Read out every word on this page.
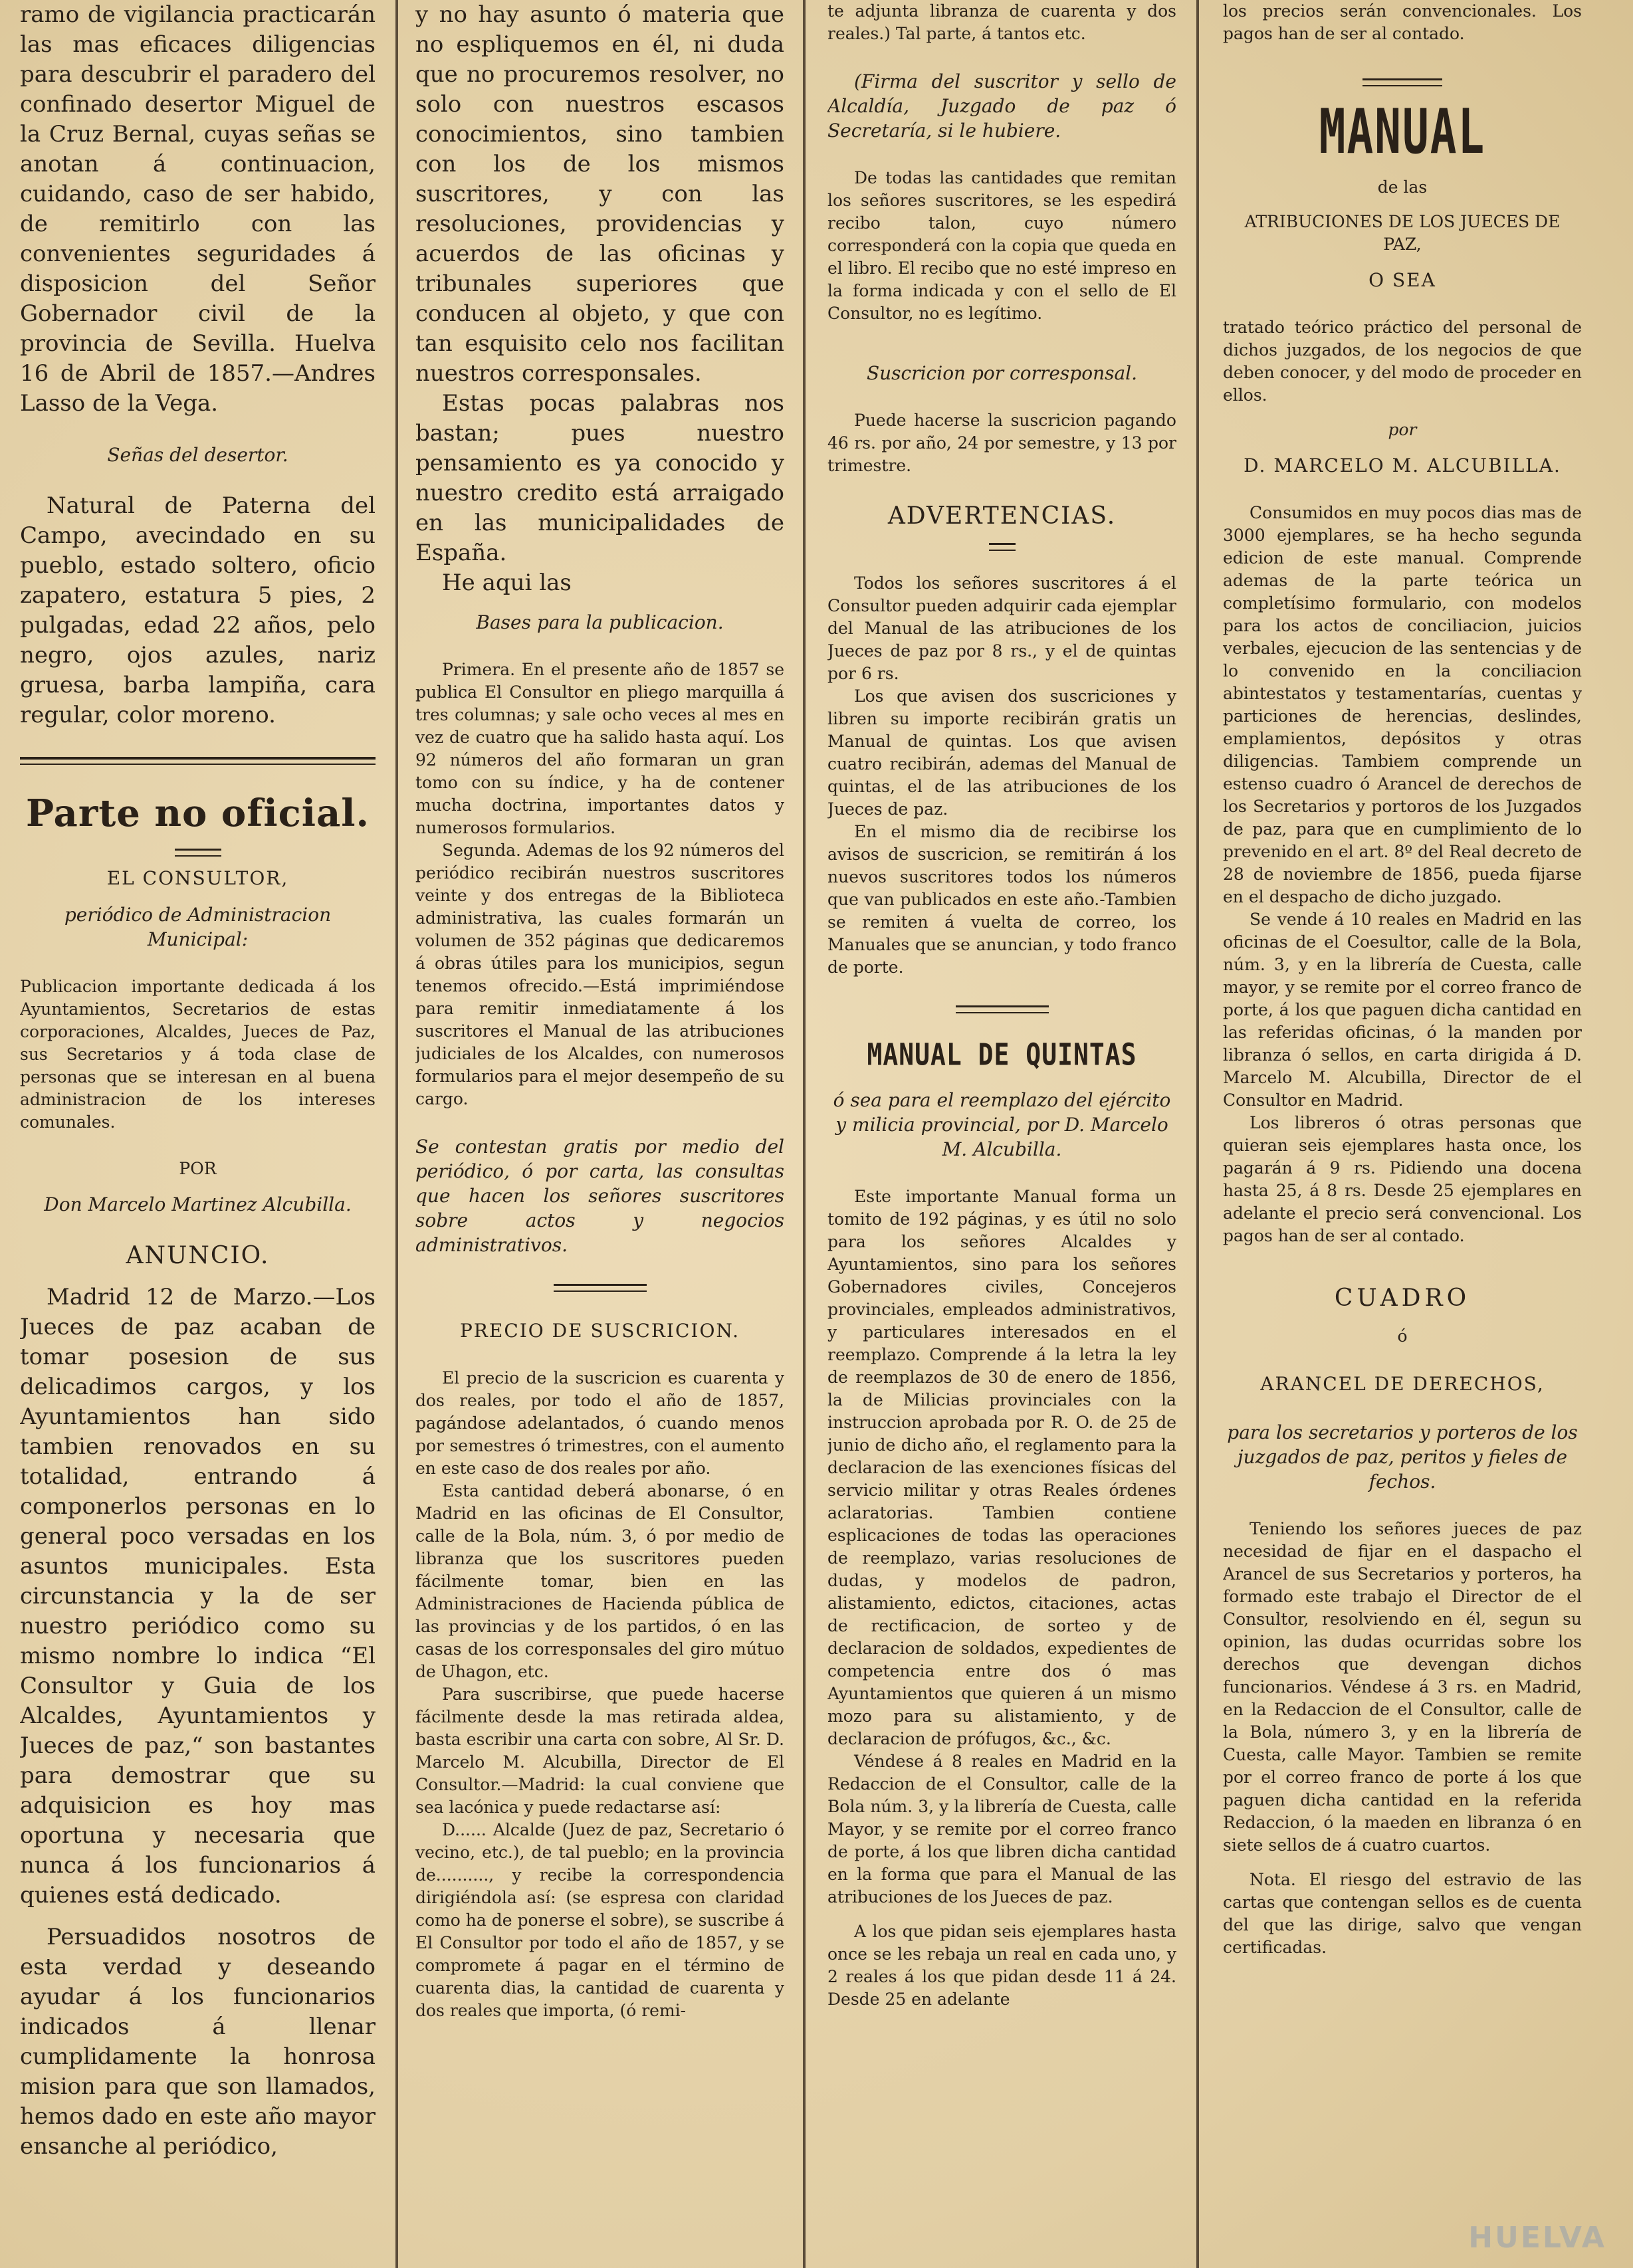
ramo de vigilancia practicarán las mas eficaces diligencias para descubrir el paradero del confinado desertor Miguel de la Cruz Bernal, cuyas señas se anotan á continuacion, cuidando, caso de ser habido, de remitirlo con las convenientes seguridades á disposicion del Señor Gobernador civil de la provincia de Sevilla. Huelva 16 de Abril de 1857.—Andres Lasso de la Vega.

Señas del desertor.

Natural de Paterna del Campo, avecindado en su pueblo, estado soltero, oficio zapatero, estatura 5 pies, 2 pulgadas, edad 22 años, pelo negro, ojos azules, nariz gruesa, barba lampiña, cara regular, color moreno.

Parte no oficial.

EL CONSULTOR,

periódico de Administracion Municipal:

Publicacion importante dedicada á los Ayuntamientos, Secretarios de estas corporaciones, Alcaldes, Jueces de Paz, sus Secretarios y á toda clase de personas que se interesan en al buena administracion de los intereses comunales.

POR

Don Marcelo Martinez Alcubilla.

ANUNCIO.

Madrid 12 de Marzo.—Los Jueces de paz acaban de tomar posesion de sus delicadimos cargos, y los Ayuntamientos han sido tambien renovados en su totalidad, entrando á componerlos personas en lo general poco versadas en los asuntos municipales. Esta circunstancia y la de ser nuestro periódico como su mismo nombre lo indica “El Consultor y Guia de los Alcaldes, Ayuntamientos y Jueces de paz,“ son bastantes para demostrar que su adquisicion es hoy mas oportuna y necesaria que nunca á los funcionarios á quienes está dedicado.

Persuadidos nosotros de esta verdad y deseando ayudar á los funcionarios indicados á llenar cumplidamente la honrosa mision para que son llamados, hemos dado en este año mayor ensanche al periódico,

y no hay asunto ó materia que no espliquemos en él, ni duda que no procuremos resolver, no solo con nuestros escasos conocimientos, sino tambien con los de los mismos suscritores, y con las resoluciones, providencias y acuerdos de las oficinas y tribunales superiores que conducen al objeto, y que con tan esquisito celo nos facilitan nuestros corresponsales.

Estas pocas palabras nos bastan; pues nuestro pensamiento es ya conocido y nuestro credito está arraigado en las municipalidades de España.

He aqui las

Bases para la publicacion.

Primera. En el presente año de 1857 se publica El Consultor en pliego marquilla á tres columnas; y sale ocho veces al mes en vez de cuatro que ha salido hasta aquí. Los 92 números del año formaran un gran tomo con su índice, y ha de contener mucha doctrina, importantes datos y numerosos formularios.

Segunda. Ademas de los 92 números del periódico recibirán nuestros suscritores veinte y dos entregas de la Biblioteca administrativa, las cuales formarán un volumen de 352 páginas que dedicaremos á obras útiles para los municipios, segun tenemos ofrecido.—Está imprimiéndose para remitir inmediatamente á los suscritores el Manual de las atribuciones judiciales de los Alcaldes, con numerosos formularios para el mejor desempeño de su cargo.

Se contestan gratis por medio del periódico, ó por carta, las consultas que hacen los señores suscritores sobre actos y negocios administrativos.

PRECIO DE SUSCRICION.

El precio de la suscricion es cuarenta y dos reales, por todo el año de 1857, pagándose adelantados, ó cuando menos por semestres ó trimestres, con el aumento en este caso de dos reales por año.

Esta cantidad deberá abonarse, ó en Madrid en las oficinas de El Consultor, calle de la Bola, núm. 3, ó por medio de libranza que los suscritores pueden fácilmente tomar, bien en las Administraciones de Hacienda pública de las provincias y de los partidos, ó en las casas de los corresponsales del giro mútuo de Uhagon, etc.

Para suscribirse, que puede hacerse fácilmente desde la mas retirada aldea, basta escribir una carta con sobre, Al Sr. D. Marcelo M. Alcubilla, Director de El Consultor.—Madrid: la cual conviene que sea lacónica y puede redactarse así:

D...... Alcalde (Juez de paz, Secretario ó vecino, etc.), de tal pueblo; en la provincia de.........., y recibe la correspondencia dirigiéndola así: (se espresa con claridad como ha de ponerse el sobre), se suscribe á El Consultor por todo el año de 1857, y se compromete á pagar en el término de cuarenta dias, la cantidad de cuarenta y dos reales que importa, (ó remi-

te adjunta libranza de cuarenta y dos reales.) Tal parte, á tantos etc.

(Firma del suscritor y sello de Alcaldía, Juzgado de paz ó Secretaría, si le hubiere.

De todas las cantidades que remitan los señores suscritores, se les espedirá recibo talon, cuyo número corresponderá con la copia que queda en el libro. El recibo que no esté impreso en la forma indicada y con el sello de El Consultor, no es legítimo.

Suscricion por corresponsal.

Puede hacerse la suscricion pagando 46 rs. por año, 24 por semestre, y 13 por trimestre.

ADVERTENCIAS.

Todos los señores suscritores á el Consultor pueden adquirir cada ejemplar del Manual de las atribuciones de los Jueces de paz por 8 rs., y el de quintas por 6 rs.

Los que avisen dos suscriciones y libren su importe recibirán gratis un Manual de quintas. Los que avisen cuatro recibirán, ademas del Manual de quintas, el de las atribuciones de los Jueces de paz.

En el mismo dia de recibirse los avisos de suscricion, se remitirán á los nuevos suscritores todos los números que van publicados en este año.-Tambien se remiten á vuelta de correo, los Manuales que se anuncian, y todo franco de porte.

MANUAL DE QUINTAS

ó sea para el reemplazo del ejército y milicia provincial, por D. Marcelo M. Alcubilla.

Este importante Manual forma un tomito de 192 páginas, y es útil no solo para los señores Alcaldes y Ayuntamientos, sino para los señores Gobernadores civiles, Concejeros provinciales, empleados administrativos, y particulares interesados en el reemplazo. Comprende á la letra la ley de reemplazos de 30 de enero de 1856, la de Milicias provinciales con la instruccion aprobada por R. O. de 25 de junio de dicho año, el reglamento para la declaracion de las exenciones físicas del servicio militar y otras Reales órdenes aclaratorias. Tambien contiene esplicaciones de todas las operaciones de reemplazo, varias resoluciones de dudas, y modelos de padron, alistamiento, edictos, citaciones, actas de rectificacion, de sorteo y de declaracion de soldados, expedientes de competencia entre dos ó mas Ayuntamientos que quieren á un mismo mozo para su alistamiento, y de declaracion de prófugos, &c., &c.

Véndese á 8 reales en Madrid en la Redaccion de el Consultor, calle de la Bola núm. 3, y la librería de Cuesta, calle Mayor, y se remite por el correo franco de porte, á los que libren dicha cantidad en la forma que para el Manual de las atribuciones de los Jueces de paz.

A los que pidan seis ejemplares hasta once se les rebaja un real en cada uno, y 2 reales á los que pidan desde 11 á 24. Desde 25 en adelante

los precios serán convencionales. Los pagos han de ser al contado.

MANUAL

de las

ATRIBUCIONES DE LOS JUECES DE PAZ,

O SEA

tratado teórico práctico del personal de dichos juzgados, de los negocios de que deben conocer, y del modo de proceder en ellos.

por

D. MARCELO M. ALCUBILLA.

Consumidos en muy pocos dias mas de 3000 ejemplares, se ha hecho segunda edicion de este manual. Comprende ademas de la parte teórica un completísimo formulario, con modelos para los actos de conciliacion, juicios verbales, ejecucion de las sentencias y de lo convenido en la conciliacion abintestatos y testamentarías, cuentas y particiones de herencias, deslindes, emplamientos, depósitos y otras diligencias. Tambiem comprende un estenso cuadro ó Arancel de derechos de los Secretarios y portoros de los Juzgados de paz, para que en cumplimiento de lo prevenido en el art. 8º del Real decreto de 28 de noviembre de 1856, pueda fijarse en el despacho de dicho juzgado.

Se vende á 10 reales en Madrid en las oficinas de el Coesultor, calle de la Bola, núm. 3, y en la librería de Cuesta, calle mayor, y se remite por el correo franco de porte, á los que paguen dicha cantidad en las referidas oficinas, ó la manden por libranza ó sellos, en carta dirigida á D. Marcelo M. Alcubilla, Director de el Consultor en Madrid.

Los libreros ó otras personas que quieran seis ejemplares hasta once, los pagarán á 9 rs. Pidiendo una docena hasta 25, á 8 rs. Desde 25 ejemplares en adelante el precio será convencional. Los pagos han de ser al contado.

CUADRO

ó

ARANCEL DE DERECHOS,

para los secretarios y porteros de los juzgados de paz, peritos y fieles de fechos.

Teniendo los señores jueces de paz necesidad de fijar en el daspacho el Arancel de sus Secretarios y porteros, ha formado este trabajo el Director de el Consultor, resolviendo en él, segun su opinion, las dudas ocurridas sobre los derechos que devengan dichos funcionarios. Véndese á 3 rs. en Madrid, en la Redaccion de el Consultor, calle de la Bola, número 3, y en la librería de Cuesta, calle Mayor. Tambien se remite por el correo franco de porte á los que paguen dicha cantidad en la referida Redaccion, ó la maeden en libranza ó en siete sellos de á cuatro cuartos.

Nota. El riesgo del estravio de las cartas que contengan sellos es de cuenta del que las dirige, salvo que vengan certificadas.

HUELVA
